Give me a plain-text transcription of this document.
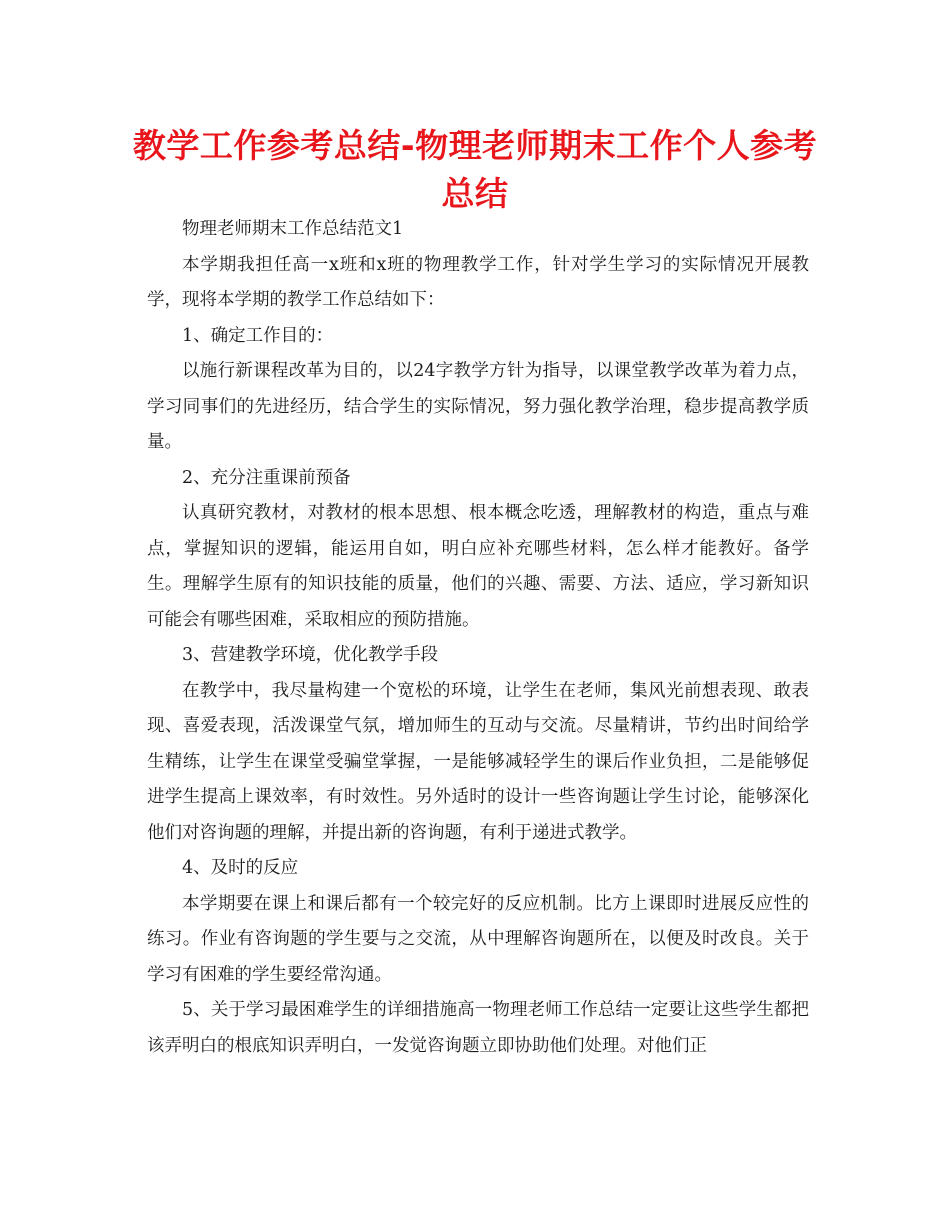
教学工作参考总结-物理老师期末工作个人参考总结

物理老师期末工作总结范文1

本学期我担任高一x班和x班的物理教学工作，针对学生学习的实际情况开展教学，现将本学期的教学工作总结如下：

1、确定工作目的：

以施行新课程改革为目的，以24字教学方针为指导，以课堂教学改革为着力点，学习同事们的先进经历，结合学生的实际情况，努力强化教学治理，稳步提高教学质量。

2、充分注重课前预备

认真研究教材，对教材的根本思想、根本概念吃透，理解教材的构造，重点与难点，掌握知识的逻辑，能运用自如，明白应补充哪些材料，怎么样才能教好。备学生。理解学生原有的知识技能的质量，他们的兴趣、需要、方法、适应，学习新知识可能会有哪些困难，采取相应的预防措施。

3、营建教学环境，优化教学手段

在教学中，我尽量构建一个宽松的环境，让学生在老师，集风光前想表现、敢表现、喜爱表现，活泼课堂气氛，增加师生的互动与交流。尽量精讲，节约出时间给学生精练，让学生在课堂受骗堂掌握，一是能够减轻学生的课后作业负担，二是能够促进学生提高上课效率，有时效性。另外适时的设计一些咨询题让学生讨论，能够深化他们对咨询题的理解，并提出新的咨询题，有利于递进式教学。

4、及时的反应

本学期要在课上和课后都有一个较完好的反应机制。比方上课即时进展反应性的练习。作业有咨询题的学生要与之交流，从中理解咨询题所在，以便及时改良。关于学习有困难的学生要经常沟通。

5、关于学习最困难学生的详细措施高一物理老师工作总结一定要让这些学生都把该弄明白的根底知识弄明白，一发觉咨询题立即协助他们处理。对他们正
